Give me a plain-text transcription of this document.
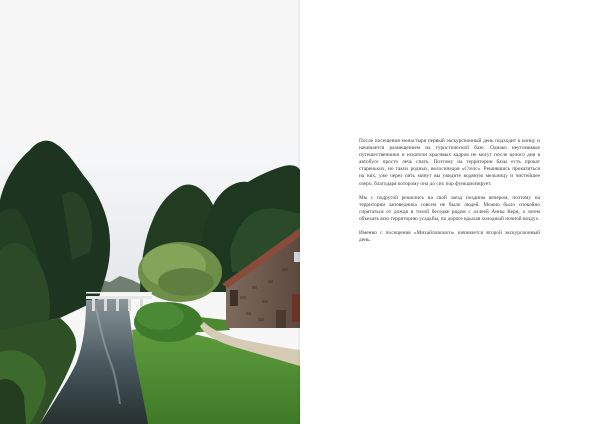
После посещения монастыря первый экскурсионный день подходит к концу и начинается размещением на туристической базе. Однако неутомимые путешественники и искатели красивых кадров не могут после целого дня в автобусе просто лечь спать. Поэтому на территории базы есть прокат стареньких, но таких родных, велосипедов «Стелс». Решившись прокатиться на них, уже через пять минут вы увидите водяную мельницу и чистейшее озеро, благодаря которому она до сих пор функционирует.

Мы с подругой решились на свой заезд поздним вечером, поэтому на территории заповедника совсем не было людей. Можно было спокойно спрятаться от дождя в тихой беседке рядом с аллеей Анны Керн, а затем объехать всю территорию усадьбы, по дороге вдыхая холодный ночной воздух.

Именно с посещения «Михайловского» начинается второй экскурсионный день.
